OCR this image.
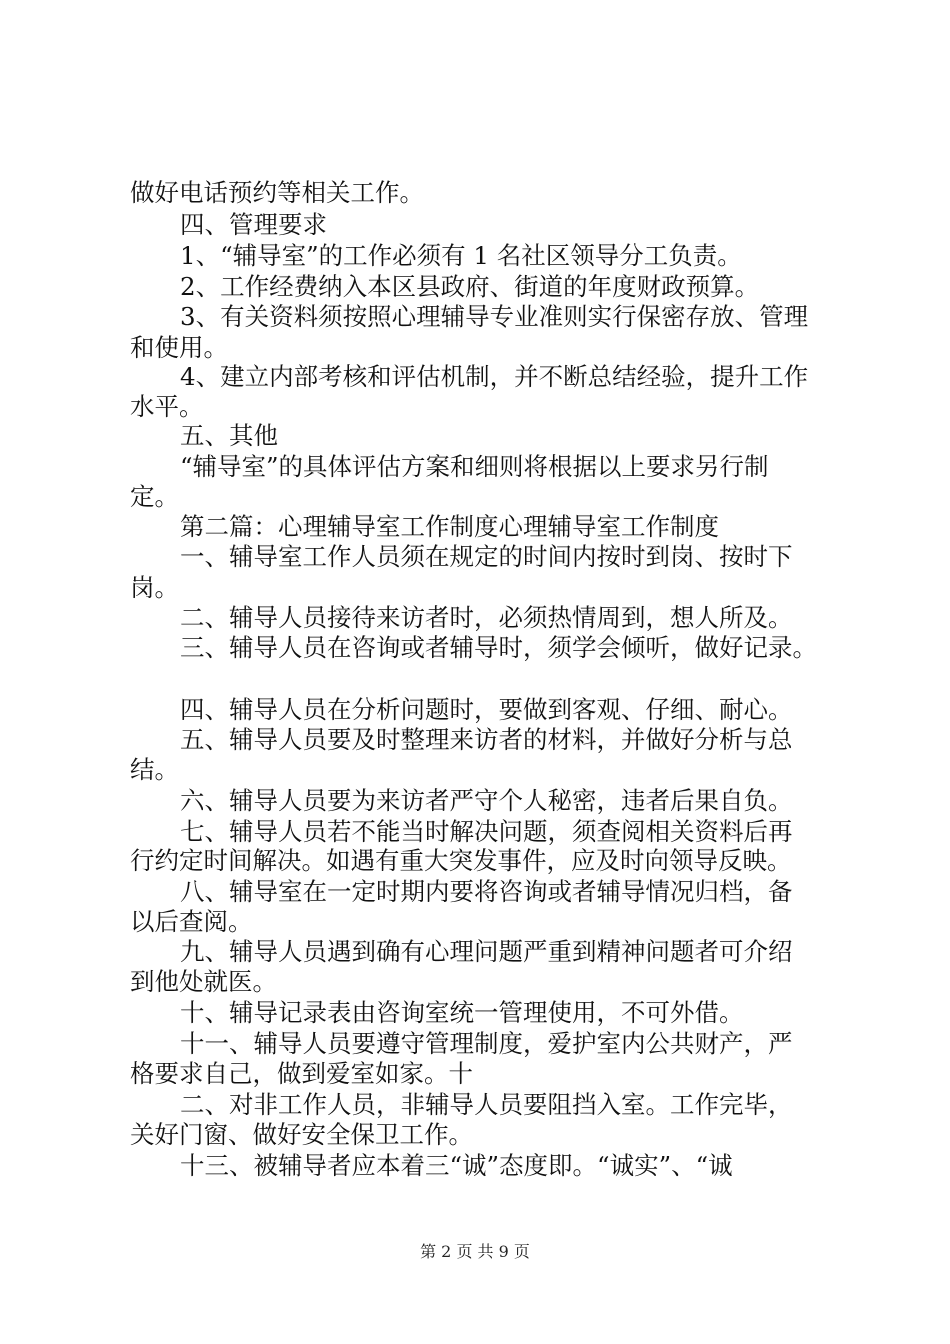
做好电话预约等相关工作。
四、管理要求
1、“辅导室”的工作必须有 1 名社区领导分工负责。
2、工作经费纳入本区县政府、街道的年度财政预算。
3、有关资料须按照心理辅导专业准则实行保密存放、管理
和使用。
4、建立内部考核和评估机制，并不断总结经验，提升工作
水平。
五、其他
“辅导室”的具体评估方案和细则将根据以上要求另行制
定。
第二篇：心理辅导室工作制度心理辅导室工作制度
一、辅导室工作人员须在规定的时间内按时到岗、按时下
岗。
二、辅导人员接待来访者时，必须热情周到，想人所及。
三、辅导人员在咨询或者辅导时，须学会倾听，做好记录。
四、辅导人员在分析问题时，要做到客观、仔细、耐心。
五、辅导人员要及时整理来访者的材料，并做好分析与总
结。
六、辅导人员要为来访者严守个人秘密，违者后果自负。
七、辅导人员若不能当时解决问题，须查阅相关资料后再
行约定时间解决。如遇有重大突发事件，应及时向领导反映。
八、辅导室在一定时期内要将咨询或者辅导情况归档，备
以后查阅。
九、辅导人员遇到确有心理问题严重到精神问题者可介绍
到他处就医。
十、辅导记录表由咨询室统一管理使用，不可外借。
十一、辅导人员要遵守管理制度，爱护室内公共财产，严
格要求自己，做到爱室如家。十
二、对非工作人员，非辅导人员要阻挡入室。工作完毕，
关好门窗、做好安全保卫工作。
十三、被辅导者应本着三“诚”态度即。“诚实”、“诚
第 2 页 共 9 页
